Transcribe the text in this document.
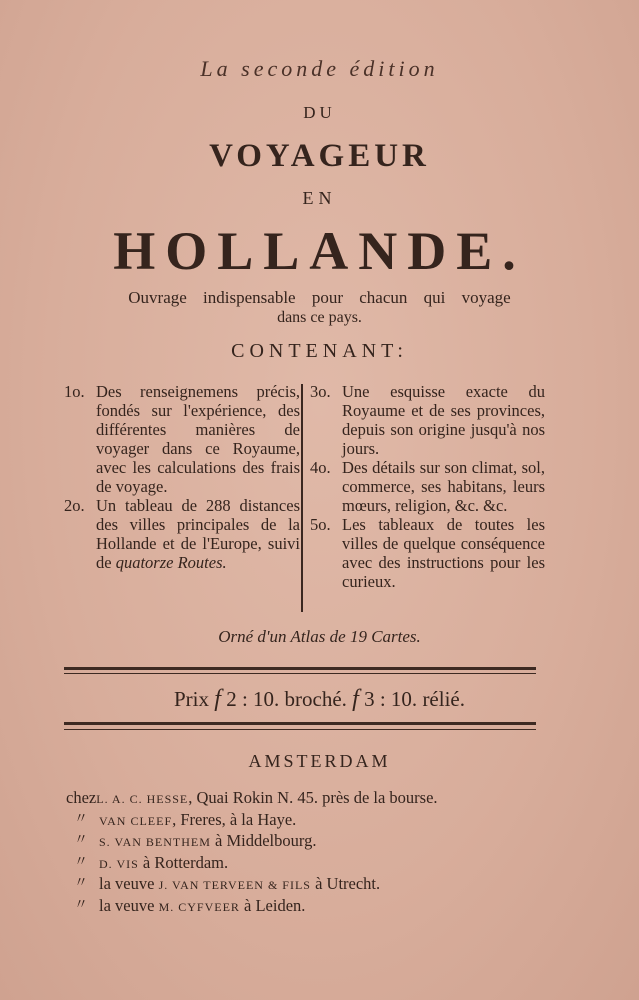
La seconde édition
DU
VOYAGEUR
EN
HOLLANDE.
Ouvrage indispensable pour chacun qui voyage
dans ce pays.
CONTENANT:
1o. Des renseignemens précis, fondés sur l'expérience, des différentes manières de voyager dans ce Royaume, avec les calculations des frais de voyage.
2o. Un tableau de 288 distances des villes principales de la Hollande et de l'Europe, suivi de quatorze Routes.
3o. Une esquisse exacte du Royaume et de ses provinces, depuis son origine jusqu'à nos jours.
4o. Des détails sur son climat, sol, commerce, ses habitans, leurs mœurs, religion, &c. &c.
5o. Les tableaux de toutes les villes de quelque conséquence avec des instructions pour les curieux.
Orné d'un Atlas de 19 Cartes.
Prix f 2 : 10. broché. f 3 : 10. rélié.
AMSTERDAM
chezL. A. C. HESSE, Quai Rokin N. 45. près de la bourse.
〃 VAN CLEEF, Freres, à la Haye.
〃 S. VAN BENTHEM à Middelbourg.
〃 D. VIS à Rotterdam.
〃 la veuve J. VAN TERVEEN & FILS à Utrecht.
〃 la veuve M. CYFVEER à Leiden.
